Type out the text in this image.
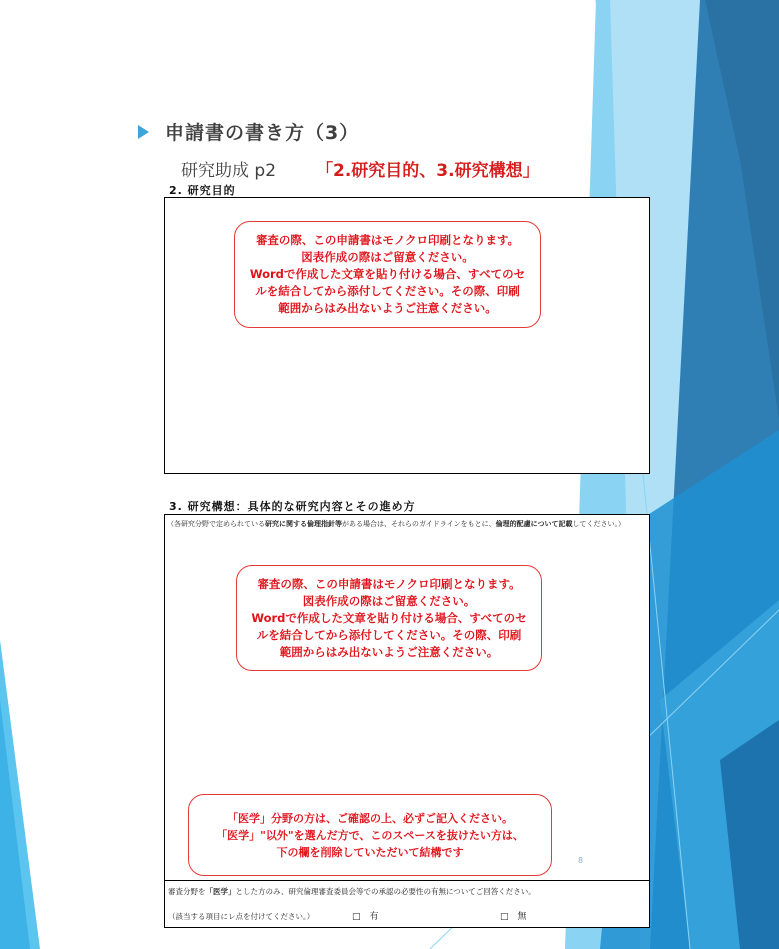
申請書の書き方（3）
研究助成 p2 「2.研究目的、3.研究構想」
2. 研究目的
審査の際、この申請書はモノクロ印刷となります。
図表作成の際はご留意ください。
Wordで作成した文章を貼り付ける場合、すべてのセ
ルを結合してから添付してください。その際、印刷
範囲からはみ出ないようご注意ください。
3. 研究構想：具体的な研究内容とその進め方
（各研究分野で定められている研究に関する倫理指針等がある場合は、それらのガイドラインをもとに、倫理的配慮について記載してください。）
審査の際、この申請書はモノクロ印刷となります。
図表作成の際はご留意ください。
Wordで作成した文章を貼り付ける場合、すべてのセ
ルを結合してから添付してください。その際、印刷
範囲からはみ出ないようご注意ください。
「医学」分野の方は、ご確認の上、必ずご記入ください。
「医学」"以外"を選んだ方で、このスペースを抜けたい方は、
下の欄を削除していただいて結構です
8
審査分野を「医学」とした方のみ、研究倫理審査委員会等での承認の必要性の有無についてご回答ください。
（該当する項目にレ点を付けてください。）	□　有	□　無
